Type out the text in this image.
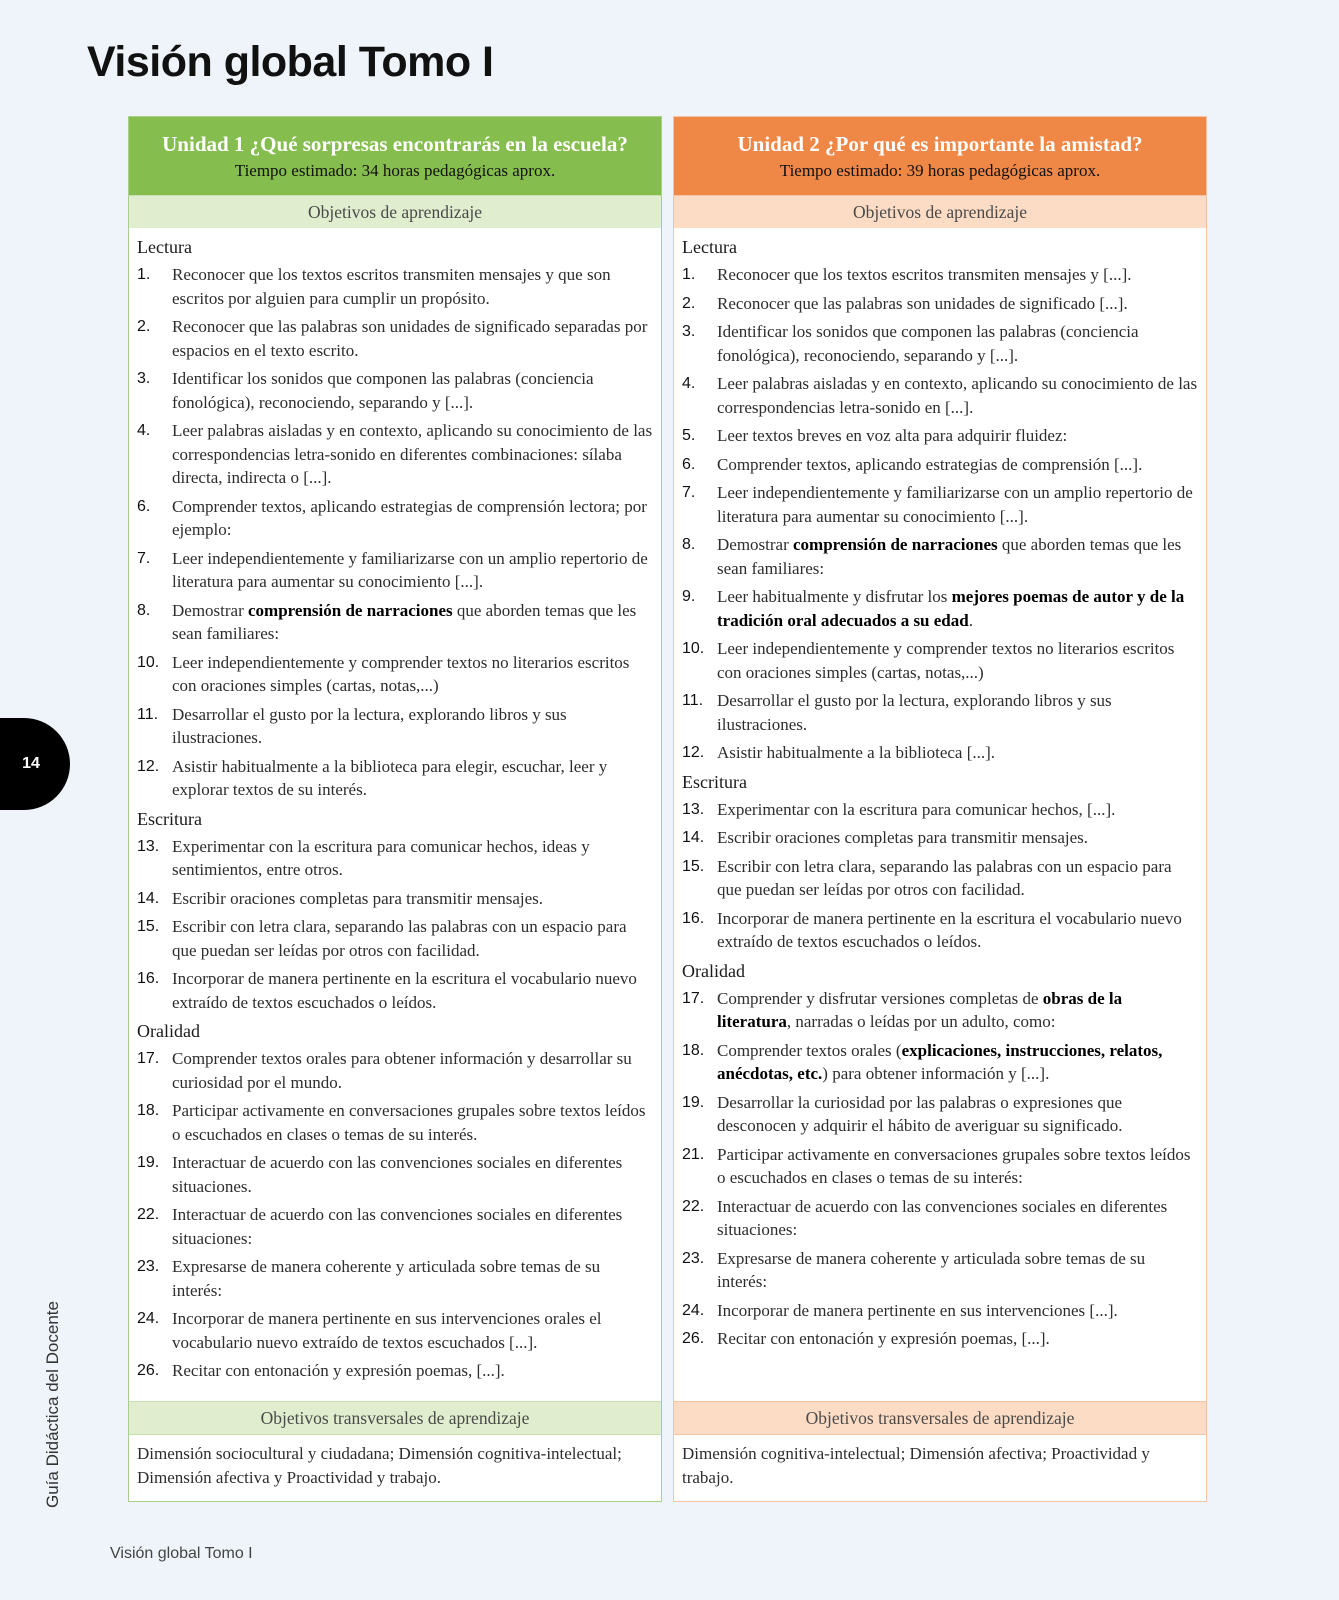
Visión global Tomo I
14
Guía Didáctica del Docente
Visión global Tomo I
Unidad 1 ¿Qué sorpresas encontrarás en la escuela?
Tiempo estimado: 34 horas pedagógicas aprox.
Objetivos de aprendizaje
Lectura
1. Reconocer que los textos escritos transmiten mensajes y que son escritos por alguien para cumplir un propósito.
2. Reconocer que las palabras son unidades de significado separadas por espacios en el texto escrito.
3. Identificar los sonidos que componen las palabras (conciencia fonológica), reconociendo, separando y [...].
4. Leer palabras aisladas y en contexto, aplicando su conocimiento de las correspondencias letra-sonido en diferentes combinaciones: sílaba directa, indirecta o [...].
6. Comprender textos, aplicando estrategias de comprensión lectora; por ejemplo:
7. Leer independientemente y familiarizarse con un amplio repertorio de literatura para aumentar su conocimiento [...].
8. Demostrar comprensión de narraciones que aborden temas que les sean familiares:
10. Leer independientemente y comprender textos no literarios escritos con oraciones simples (cartas, notas,...)
11. Desarrollar el gusto por la lectura, explorando libros y sus ilustraciones.
12. Asistir habitualmente a la biblioteca para elegir, escuchar, leer y explorar textos de su interés.
Escritura
13. Experimentar con la escritura para comunicar hechos, ideas y sentimientos, entre otros.
14. Escribir oraciones completas para transmitir mensajes.
15. Escribir con letra clara, separando las palabras con un espacio para que puedan ser leídas por otros con facilidad.
16. Incorporar de manera pertinente en la escritura el vocabulario nuevo extraído de textos escuchados o leídos.
Oralidad
17. Comprender textos orales para obtener información y desarrollar su curiosidad por el mundo.
18. Participar activamente en conversaciones grupales sobre textos leídos o escuchados en clases o temas de su interés.
19. Interactuar de acuerdo con las convenciones sociales en diferentes situaciones.
22. Interactuar de acuerdo con las convenciones sociales en diferentes situaciones:
23. Expresarse de manera coherente y articulada sobre temas de su interés:
24. Incorporar de manera pertinente en sus intervenciones orales el vocabulario nuevo extraído de textos escuchados [...].
26. Recitar con entonación y expresión poemas, [...].
Objetivos transversales de aprendizaje
Dimensión sociocultural y ciudadana; Dimensión cognitiva-intelectual; Dimensión afectiva y Proactividad y trabajo.
Unidad 2 ¿Por qué es importante la amistad?
Tiempo estimado: 39 horas pedagógicas aprox.
Objetivos de aprendizaje
Lectura
1. Reconocer que los textos escritos transmiten mensajes y [...].
2. Reconocer que las palabras son unidades de significado [...].
3. Identificar los sonidos que componen las palabras (conciencia fonológica), reconociendo, separando y [...].
4. Leer palabras aisladas y en contexto, aplicando su conocimiento de las correspondencias letra-sonido en [...].
5. Leer textos breves en voz alta para adquirir fluidez:
6. Comprender textos, aplicando estrategias de comprensión [...].
7. Leer independientemente y familiarizarse con un amplio repertorio de literatura para aumentar su conocimiento [...].
8. Demostrar comprensión de narraciones que aborden temas que les sean familiares:
9. Leer habitualmente y disfrutar los mejores poemas de autor y de la tradición oral adecuados a su edad.
10. Leer independientemente y comprender textos no literarios escritos con oraciones simples (cartas, notas,...)
11. Desarrollar el gusto por la lectura, explorando libros y sus ilustraciones.
12. Asistir habitualmente a la biblioteca [...].
Escritura
13. Experimentar con la escritura para comunicar hechos, [...].
14. Escribir oraciones completas para transmitir mensajes.
15. Escribir con letra clara, separando las palabras con un espacio para que puedan ser leídas por otros con facilidad.
16. Incorporar de manera pertinente en la escritura el vocabulario nuevo extraído de textos escuchados o leídos.
Oralidad
17. Comprender y disfrutar versiones completas de obras de la literatura, narradas o leídas por un adulto, como:
18. Comprender textos orales (explicaciones, instrucciones, relatos, anécdotas, etc.) para obtener información y [...].
19. Desarrollar la curiosidad por las palabras o expresiones que desconocen y adquirir el hábito de averiguar su significado.
21. Participar activamente en conversaciones grupales sobre textos leídos o escuchados en clases o temas de su interés:
22. Interactuar de acuerdo con las convenciones sociales en diferentes situaciones:
23. Expresarse de manera coherente y articulada sobre temas de su interés:
24. Incorporar de manera pertinente en sus intervenciones [...].
26. Recitar con entonación y expresión poemas, [...].
Objetivos transversales de aprendizaje
Dimensión cognitiva-intelectual; Dimensión afectiva; Proactividad y trabajo.
